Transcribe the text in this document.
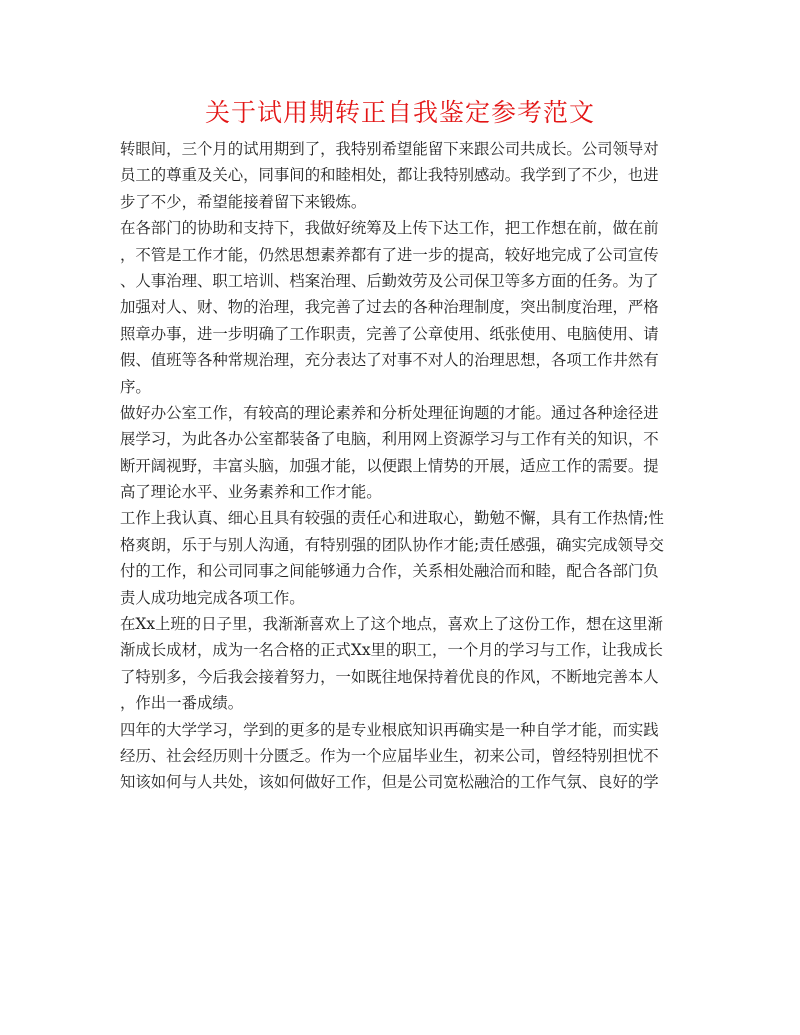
关于试用期转正自我鉴定参考范文
转眼间，三个月的试用期到了，我特别希望能留下来跟公司共成长。公司领导对
员工的尊重及关心，同事间的和睦相处，都让我特别感动。我学到了不少，也进
步了不少，希望能接着留下来锻炼。
在各部门的协助和支持下，我做好统筹及上传下达工作，把工作想在前，做在前
，不管是工作才能，仍然思想素养都有了进一步的提高，较好地完成了公司宣传
、人事治理、职工培训、档案治理、后勤效劳及公司保卫等多方面的任务。为了
加强对人、财、物的治理，我完善了过去的各种治理制度，突出制度治理，严格
照章办事，进一步明确了工作职责，完善了公章使用、纸张使用、电脑使用、请
假、值班等各种常规治理，充分表达了对事不对人的治理思想，各项工作井然有
序。
做好办公室工作，有较高的理论素养和分析处理征询题的才能。通过各种途径进
展学习，为此各办公室都装备了电脑，利用网上资源学习与工作有关的知识，不
断开阔视野，丰富头脑，加强才能，以便跟上情势的开展，适应工作的需要。提
高了理论水平、业务素养和工作才能。
工作上我认真、细心且具有较强的责任心和进取心，勤勉不懈，具有工作热情;性
格爽朗，乐于与别人沟通，有特别强的团队协作才能;责任感强，确实完成领导交
付的工作，和公司同事之间能够通力合作，关系相处融洽而和睦，配合各部门负
责人成功地完成各项工作。
在Xx上班的日子里，我渐渐喜欢上了这个地点，喜欢上了这份工作，想在这里渐
渐成长成材，成为一名合格的正式Xx里的职工，一个月的学习与工作，让我成长
了特别多，今后我会接着努力，一如既往地保持着优良的作风，不断地完善本人
，作出一番成绩。
四年的大学学习，学到的更多的是专业根底知识再确实是一种自学才能，而实践
经历、社会经历则十分匮乏。作为一个应届毕业生，初来公司，曾经特别担忧不
知该如何与人共处，该如何做好工作，但是公司宽松融洽的工作气氛、良好的学
